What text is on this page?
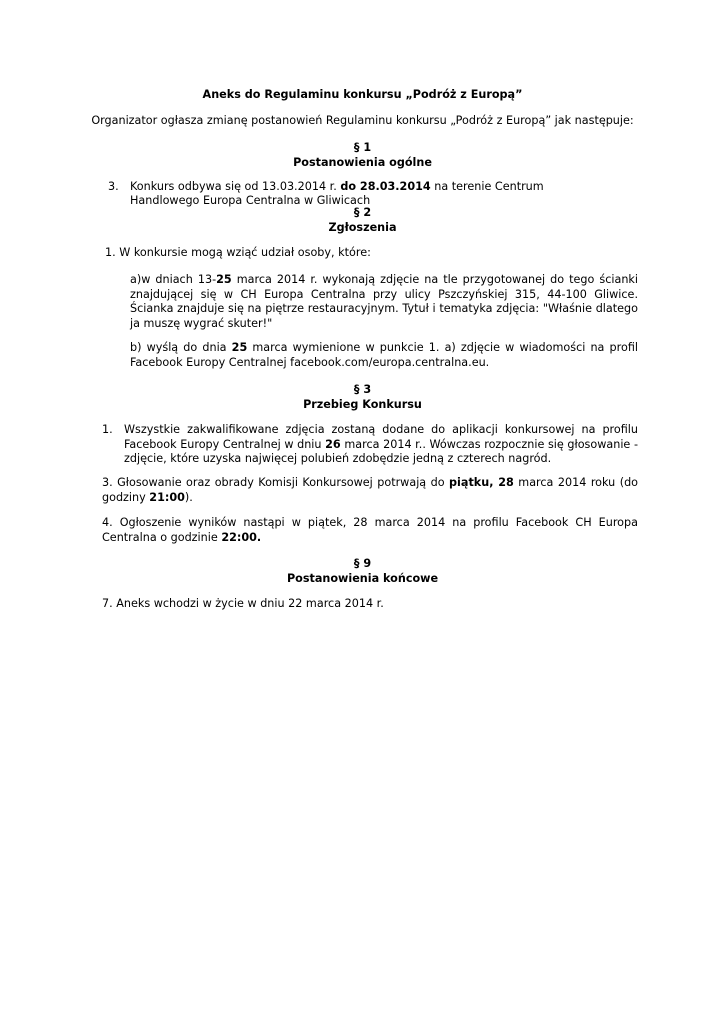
Aneks do Regulaminu konkursu „Podróż z Europą”
Organizator ogłasza zmianę postanowień Regulaminu konkursu „Podróż z Europą” jak następuje:
§ 1
Postanowienia ogólne
3. Konkurs odbywa się od 13.03.2014 r. do 28.03.2014 na terenie Centrum Handlowego Europa Centralna w Gliwicach
§ 2
Zgłoszenia
1. W konkursie mogą wziąć udział osoby, które:
a)w dniach 13-25 marca 2014 r. wykonają zdjęcie na tle przygotowanej do tego ścianki znajdującej się w CH Europa Centralna przy ulicy Pszczyńskiej 315, 44-100 Gliwice. Ścianka znajduje się na piętrze restauracyjnym. Tytuł i tematyka zdjęcia: "Właśnie dlatego ja muszę wygrać skuter!"
b) wyślą do dnia 25 marca wymienione w punkcie 1. a) zdjęcie w wiadomości na profil Facebook Europy Centralnej facebook.com/europa.centralna.eu.
§ 3
Przebieg Konkursu
1. Wszystkie zakwalifikowane zdjęcia zostaną dodane do aplikacji konkursowej na profilu Facebook Europy Centralnej w dniu 26 marca 2014 r.. Wówczas rozpocznie się głosowanie - zdjęcie, które uzyska najwięcej polubień zdobędzie jedną z czterech nagród.
3. Głosowanie oraz obrady Komisji Konkursowej potrwają do piątku, 28 marca 2014 roku (do godziny 21:00).
4. Ogłoszenie wyników nastąpi w piątek, 28 marca 2014 na profilu Facebook CH Europa Centralna o godzinie 22:00.
§ 9
Postanowienia końcowe
7. Aneks wchodzi w życie w dniu 22 marca 2014 r.
